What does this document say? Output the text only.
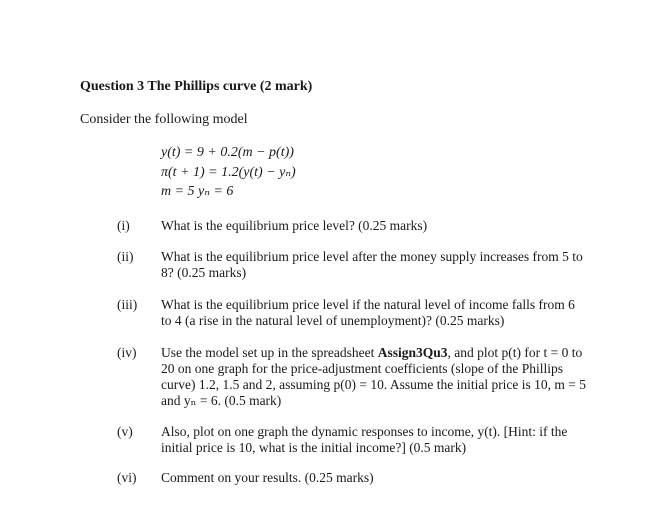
Question 3 The Phillips curve (2 mark)
Consider the following model
y(t) = 9 + 0.2(m − p(t))
π(t + 1) = 1.2(y(t) − yₙ)
m = 5 yₙ = 6
(i)	What is the equilibrium price level? (0.25 marks)
(ii)	What is the equilibrium price level after the money supply increases from 5 to
8? (0.25 marks)
(iii)	What is the equilibrium price level if the natural level of income falls from 6
to 4 (a rise in the natural level of unemployment)? (0.25 marks)
(iv)	Use the model set up in the spreadsheet Assign3Qu3, and plot p(t) for t = 0 to
20 on one graph for the price-adjustment coefficients (slope of the Phillips
curve) 1.2, 1.5 and 2, assuming p(0) = 10. Assume the initial price is 10, m = 5
and yₙ = 6. (0.5 mark)
(v)	Also, plot on one graph the dynamic responses to income, y(t). [Hint: if the
initial price is 10, what is the initial income?] (0.5 mark)
(vi)	Comment on your results. (0.25 marks)
